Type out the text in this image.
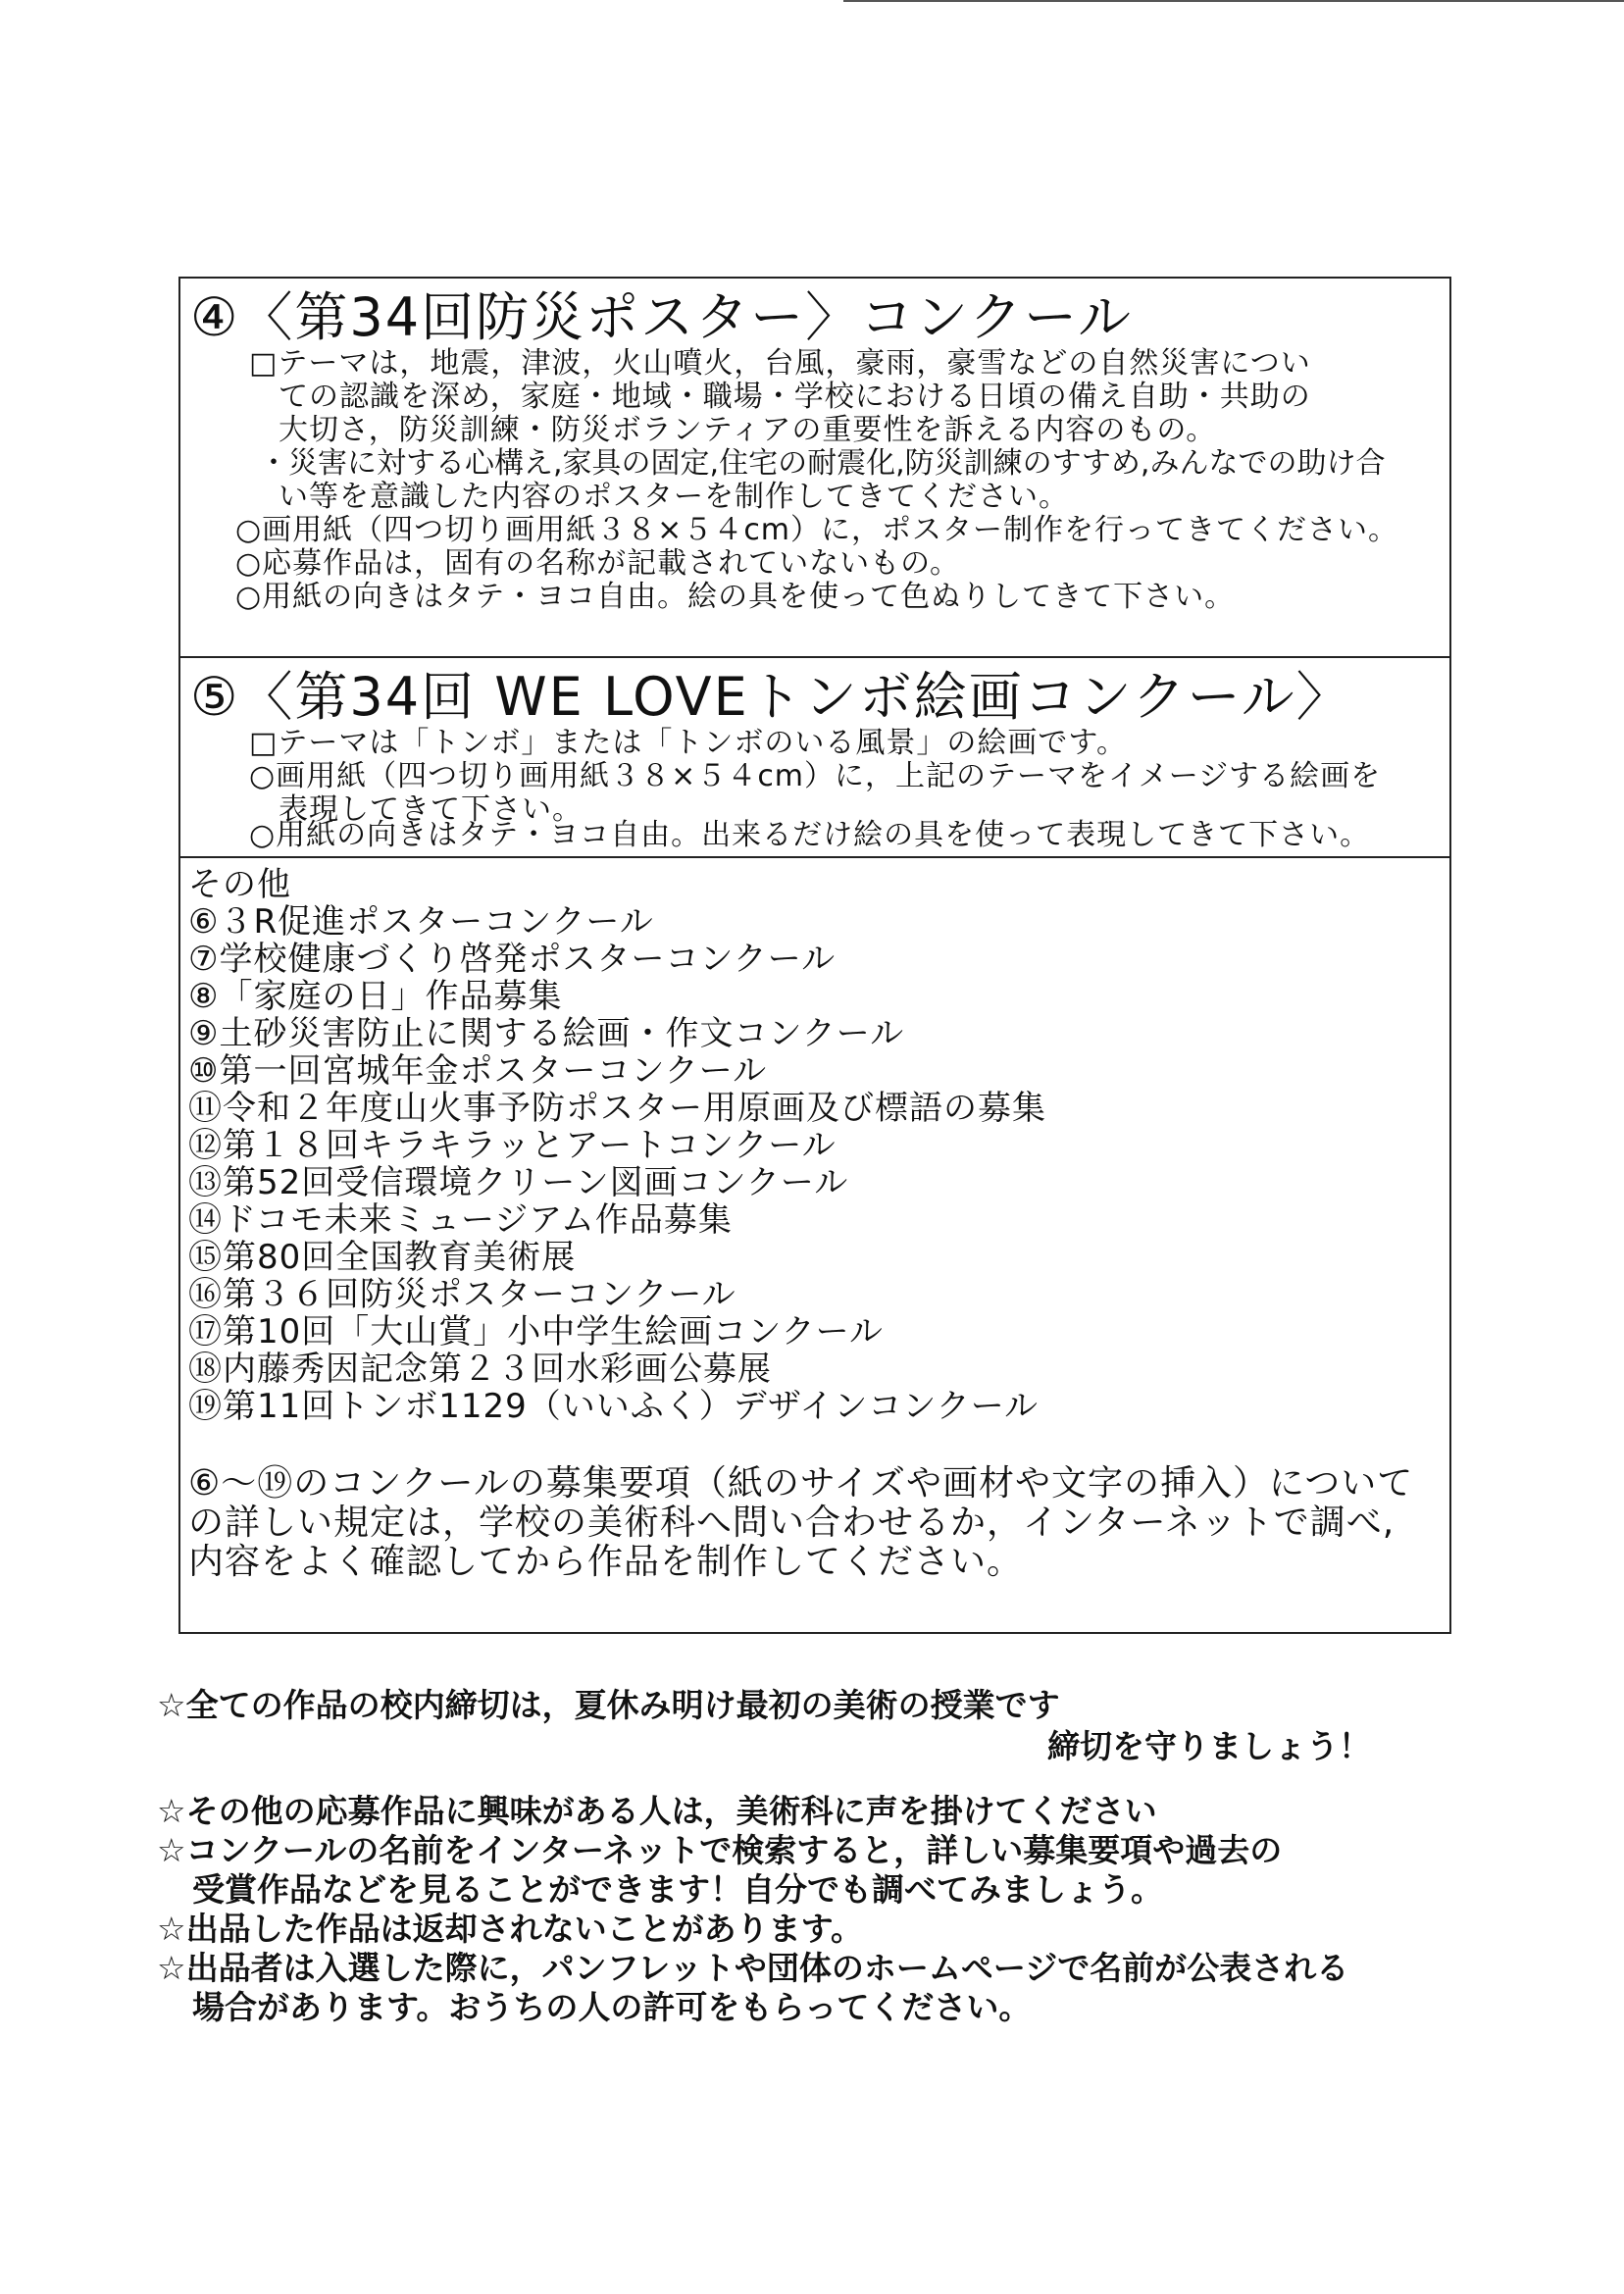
④〈第34回防災ポスター〉コンクール
□テーマは，地震，津波，火山噴火，台風，豪雨，豪雪などの自然災害につい
ての認識を深め，家庭・地域・職場・学校における日頃の備え自助・共助の
大切さ，防災訓練・防災ボランティアの重要性を訴える内容のもの。
・災害に対する心構え,家具の固定,住宅の耐震化,防災訓練のすすめ,みんなでの助け合
い等を意識した内容のポスターを制作してきてください。
○画用紙（四つ切り画用紙３８×５４cm）に，ポスター制作を行ってきてください。
○応募作品は，固有の名称が記載されていないもの。
○用紙の向きはタテ・ヨコ自由。絵の具を使って色ぬりしてきて下さい。
⑤〈第34回 WE LOVEトンボ絵画コンクール〉
□テーマは「トンボ」または「トンボのいる風景」の絵画です。
○画用紙（四つ切り画用紙３８×５４cm）に，上記のテーマをイメージする絵画を
表現してきて下さい。
○用紙の向きはタテ・ヨコ自由。出来るだけ絵の具を使って表現してきて下さい。
その他
⑥３R促進ポスターコンクール
⑦学校健康づくり啓発ポスターコンクール
⑧「家庭の日」作品募集
⑨土砂災害防止に関する絵画・作文コンクール
⑩第一回宮城年金ポスターコンクール
⑪令和２年度山火事予防ポスター用原画及び標語の募集
⑫第１８回キラキラッとアートコンクール
⑬第52回受信環境クリーン図画コンクール
⑭ドコモ未来ミュージアム作品募集
⑮第80回全国教育美術展
⑯第３６回防災ポスターコンクール
⑰第10回「大山賞」小中学生絵画コンクール
⑱内藤秀因記念第２３回水彩画公募展
⑲第11回トンボ1129（いいふく）デザインコンクール
⑥～⑲のコンクールの募集要項（紙のサイズや画材や文字の挿入）について
の詳しい規定は，学校の美術科へ問い合わせるか，インターネットで調べ,
内容をよく確認してから作品を制作してください。
☆全ての作品の校内締切は，夏休み明け最初の美術の授業です
締切を守りましょう！
☆その他の応募作品に興味がある人は，美術科に声を掛けてください
☆コンクールの名前をインターネットで検索すると，詳しい募集要項や過去の
受賞作品などを見ることができます！自分でも調べてみましょう。
☆出品した作品は返却されないことがあります。
☆出品者は入選した際に，パンフレットや団体のホームページで名前が公表される
場合があります。おうちの人の許可をもらってください。
